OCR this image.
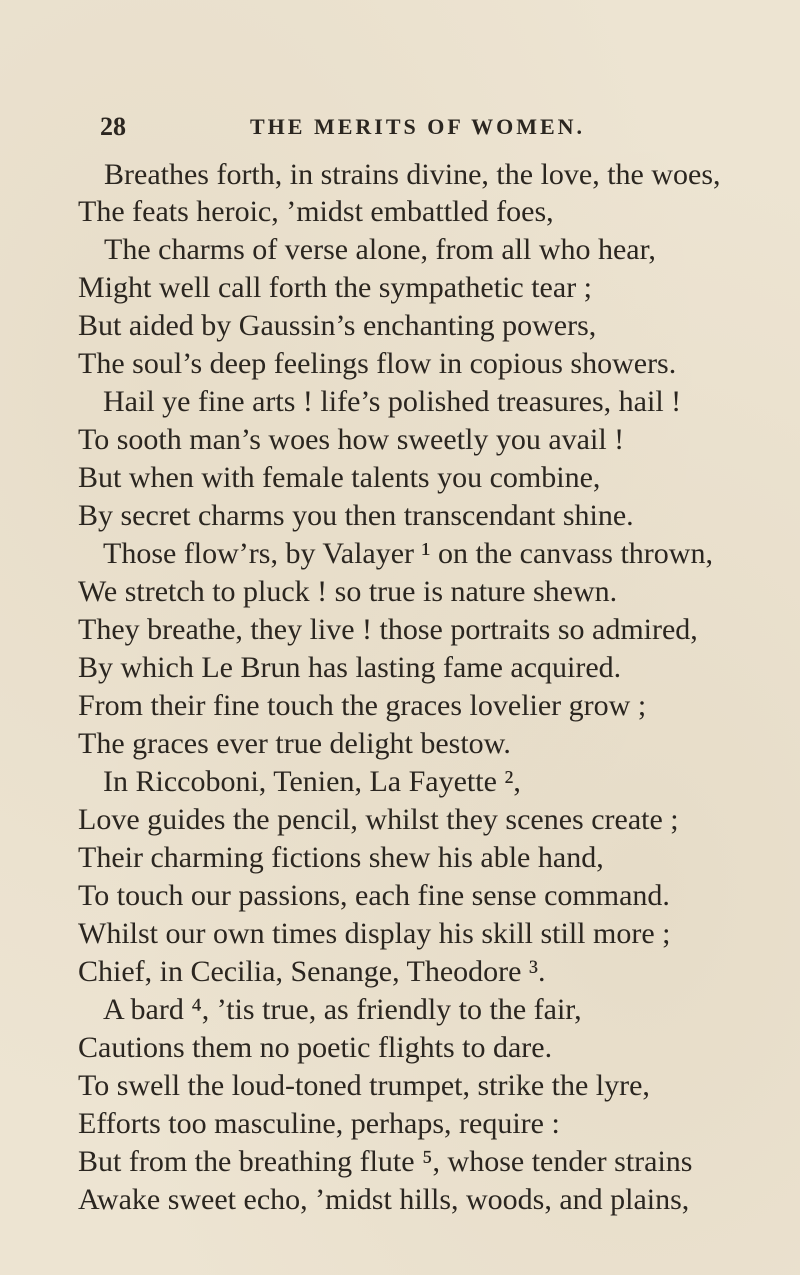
28	THE MERITS OF WOMEN.
Breathes forth, in strains divine, the love, the woes,
The feats heroic, ’midst embattled foes,
The charms of verse alone, from all who hear,
Might well call forth the sympathetic tear ;
But aided by Gaussin’s enchanting powers,
The soul’s deep feelings flow in copious showers.
Hail ye fine arts ! life’s polished treasures, hail !
To sooth man’s woes how sweetly you avail !
But when with female talents you combine,
By secret charms you then transcendant shine.
Those flow’rs, by Valayer ¹ on the canvass thrown,
We stretch to pluck ! so true is nature shewn.
They breathe, they live ! those portraits so admired,
By which Le Brun has lasting fame acquired.
From their fine touch the graces lovelier grow ;
The graces ever true delight bestow.
In Riccoboni, Tenien, La Fayette ²,
Love guides the pencil, whilst they scenes create ;
Their charming fictions shew his able hand,
To touch our passions, each fine sense command.
Whilst our own times display his skill still more ;
Chief, in Cecilia, Senange, Theodore ³.
A bard ⁴, ’tis true, as friendly to the fair,
Cautions them no poetic flights to dare.
To swell the loud-toned trumpet, strike the lyre,
Efforts too masculine, perhaps, require :
But from the breathing flute ⁵, whose tender strains
Awake sweet echo, ’midst hills, woods, and plains,
